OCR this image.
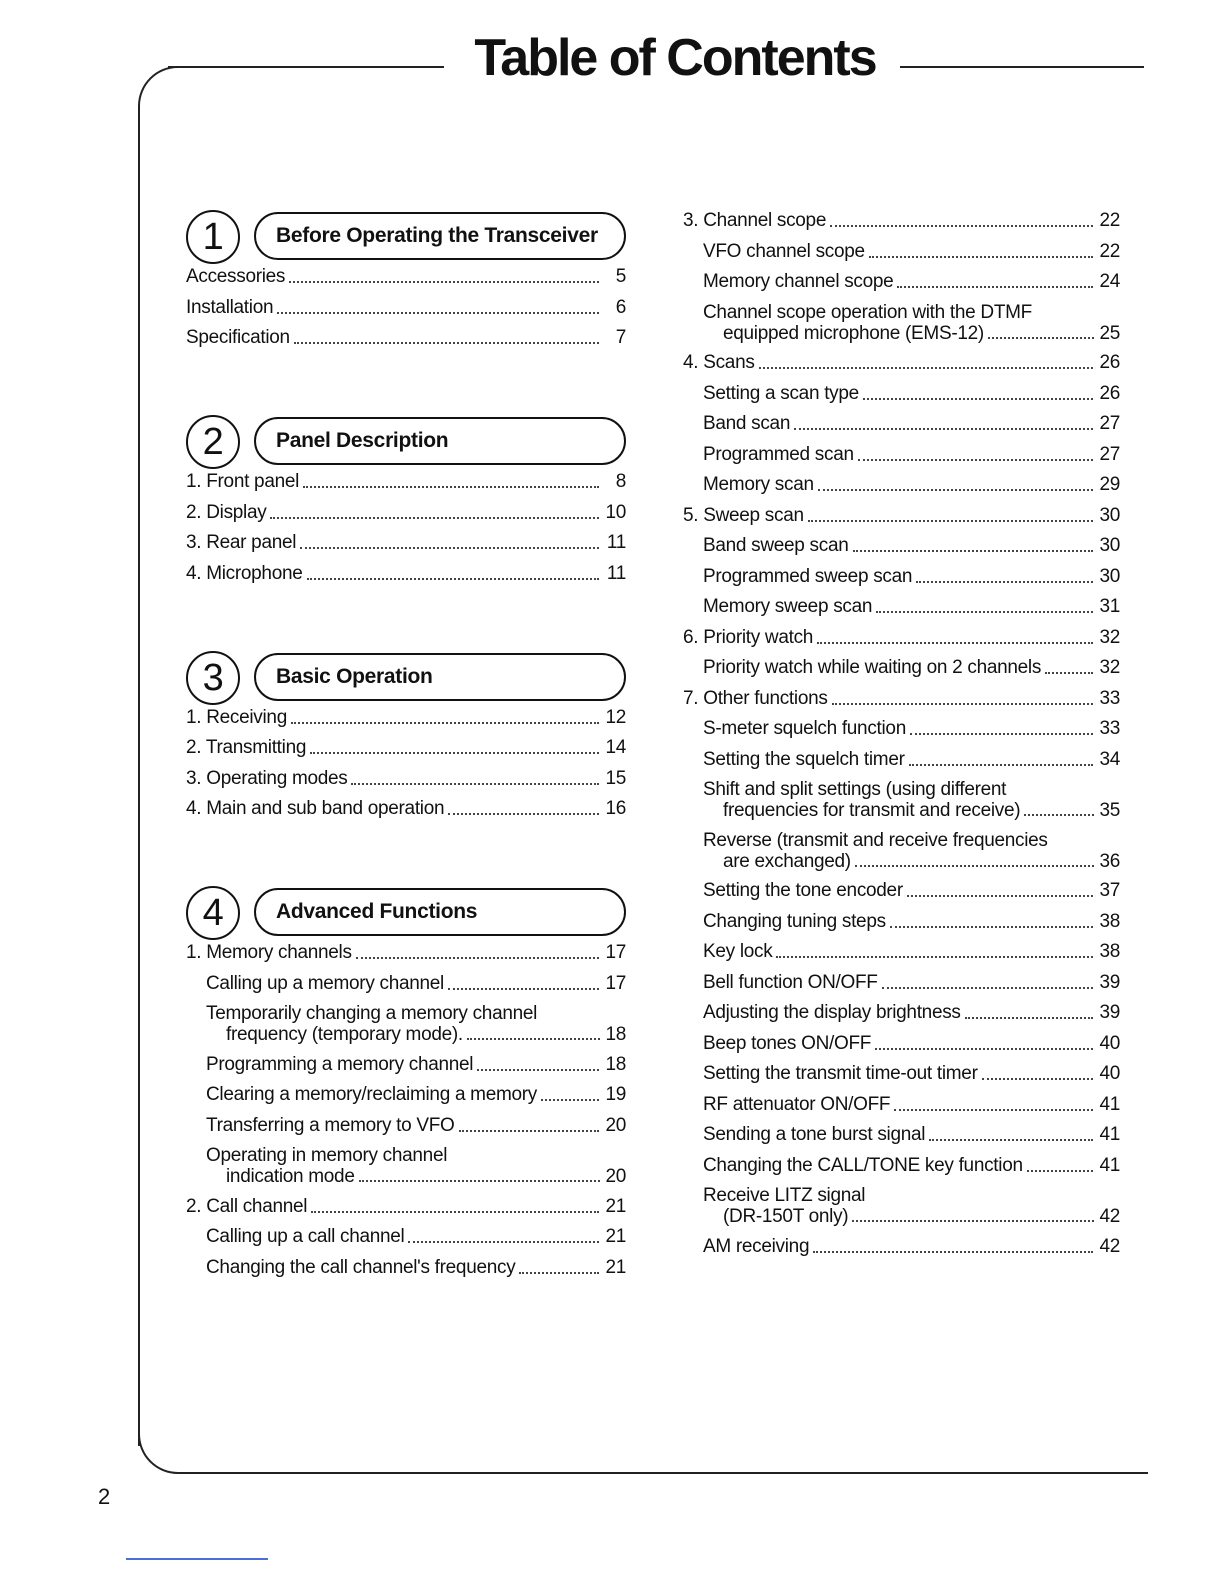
Table of Contents
1	Before Operating the Transceiver
Accessories	5
Installation	6
Specification	7
2	Panel Description
1. Front panel	8
2. Display	10
3. Rear panel	11
4. Microphone	11
3	Basic Operation
1. Receiving	12
2. Transmitting	14
3. Operating modes	15
4. Main and sub band operation	16
4	Advanced Functions
1. Memory channels	17
Calling up a memory channel	17
Temporarily changing a memory channel
frequency (temporary mode).	18
Programming a memory channel	18
Clearing a memory/reclaiming a memory	19
Transferring a memory to VFO	20
Operating in memory channel
indication mode	20
2. Call channel	21
Calling up a call channel	21
Changing the call channel's frequency	21
3. Channel scope	22
VFO channel scope	22
Memory channel scope	24
Channel scope operation with the DTMF
equipped microphone (EMS-12)	25
4. Scans	26
Setting a scan type	26
Band scan	27
Programmed scan	27
Memory scan	29
5. Sweep scan	30
Band sweep scan	30
Programmed sweep scan	30
Memory sweep scan	31
6. Priority watch	32
Priority watch while waiting on 2 channels	32
7. Other functions	33
S-meter squelch function	33
Setting the squelch timer	34
Shift and split settings (using different
frequencies for transmit and receive)	35
Reverse (transmit and receive frequencies
are exchanged)	36
Setting the tone encoder	37
Changing tuning steps	38
Key lock	38
Bell function ON/OFF	39
Adjusting the display brightness	39
Beep tones ON/OFF	40
Setting the transmit time-out timer	40
RF attenuator ON/OFF	41
Sending a tone burst signal	41
Changing the CALL/TONE key function	41
Receive LITZ signal
(DR-150T only)	42
AM receiving	42
2
